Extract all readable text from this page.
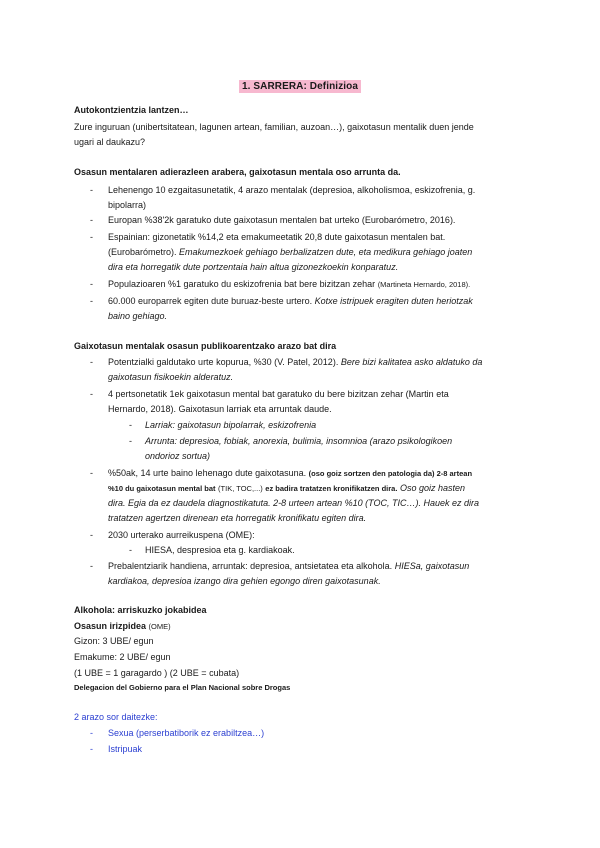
1. SARRERA: Definizioa
Autokontzientzia lantzen…
Zure inguruan (unibertsitatean, lagunen artean, familian, auzoan…), gaixotasun mentalik duen jende
ugari al daukazu?
Osasun mentalaren adierazleen arabera, gaixotasun mentala oso arruntа da.
- Lehenengo 10 ezgaitasunetatik, 4 arazo mentalak (depresioa, alkoholismoa, eskizofrenia, g.
bipolarra)
- Europan %38'2k garatuko dute gaixotasun mentalen bat urteko (Eurobarómetro, 2016).
- Espainian: gizonetatik %14,2 eta emakumeetatik 20,8 dute gaixotasun mentalen bat.
(Eurobarómetro). Emakumezkoek gehiago berbalizatzen dute, eta medikura gehiago joaten
dira eta horregatik dute portzentaia hain altua gizonezkoekin konparatuz.
- Populazioaren %1 garatuko du eskizofrenia bat bere bizitzan zehar (Martineta Hernardo, 2018).
- 60.000 europarrek egiten dute buruaz-beste urtero. Kotxe istripuek eragiten duten heriotzak
baino gehiago.
Gaixotasun mentalak osasun publikoarentzako arazo bat dira
- Potentzialki galdutako urte kopurua, %30 (V. Patel, 2012). Bere bizi kalitatea asko aldatuko da
gaixotasun fisikoekin alderatuz.
- 4 pertsonetatik 1ek gaixotasun mental bat garatuko du bere bizitzan zehar (Martin eta
Hernardo, 2018). Gaixotasun larriak eta arruntak daude.
- Larriak: gaixotasun bipolarrak, eskizofrenia
- Arrunta: depresioa, fobiak, anorexia, bulimia, insomnioa (arazo psikologikoen
ondorioz sortua)
- %50ak, 14 urte baino lehenago dute gaixotasuna. (oso goiz sortzen den patologia da) 2-8 artean
%10 du gaixotasun mental bat (TIK, TOC,...) ez badira tratatzen kronifikatzen dira. Oso goiz hasten
dira. Egia da ez daudela diagnostikatuta. 2-8 urteen artean %10 (TOC, TIC…). Hauek ez dira
tratatzen agertzen direnean eta horregatik kronifikatu egiten dira.
- 2030 urterako aurreikuspena (OME):
- HIESA, despresioa eta g. kardiakoak.
- Prebalentziarik handiena, arruntak: depresioa, antsietatea eta alkohola. HIESa, gaixotasun
kardiakoa, depresioa izango dira gehien egongo diren gaixotasunak.
Alkohola: arriskuzko jokabidea
Osasun irizpidea (OME)
Gizon: 3 UBE/ egun
Emakume: 2 UBE/ egun
(1 UBE = 1 garagardo ) (2 UBE = cubata)
Delegacion del Gobierno para el Plan Nacional sobre Drogas
2 arazo sor daitezke:
- Sexua (perserbatiborik ez erabiltzea…)
- Istripuak
